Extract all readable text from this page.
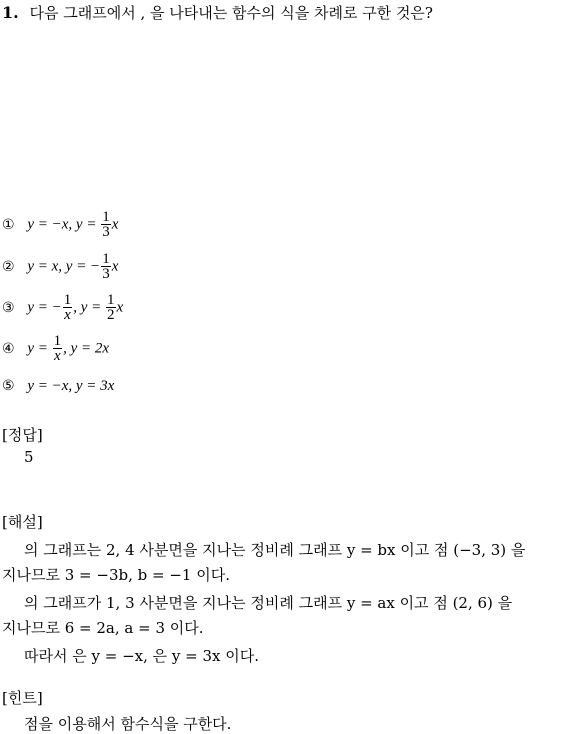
1. 다음 그래프에서 , 을 나타내는 함수의 식을 차례로 구한 것은?
① y = −x, $y = \frac{1}{3}$ x
② y = x, y = − $\frac{1}{3}$ x
③ y = − $\frac{1}{x}$ , $y = \frac{1}{2}$ x
④ $y = \frac{1}{x}$ , y = 2x
⑤ y = −x, y = 3x
[정답]
5
[해설]
의 그래프는 2, 4 사분면을 지나는 정비례 그래프 y = bx 이고 점 (−3, 3) 을
지나므로 3 = −3b, b = −1 이다.
의 그래프가 1, 3 사분면을 지나는 정비례 그래프 y = ax 이고 점 (2, 6) 을
지나므로 6 = 2a, a = 3 이다.
따라서 은 y = −x, 은 y = 3x 이다.
[힌트]
점을 이용해서 함수식을 구한다.
